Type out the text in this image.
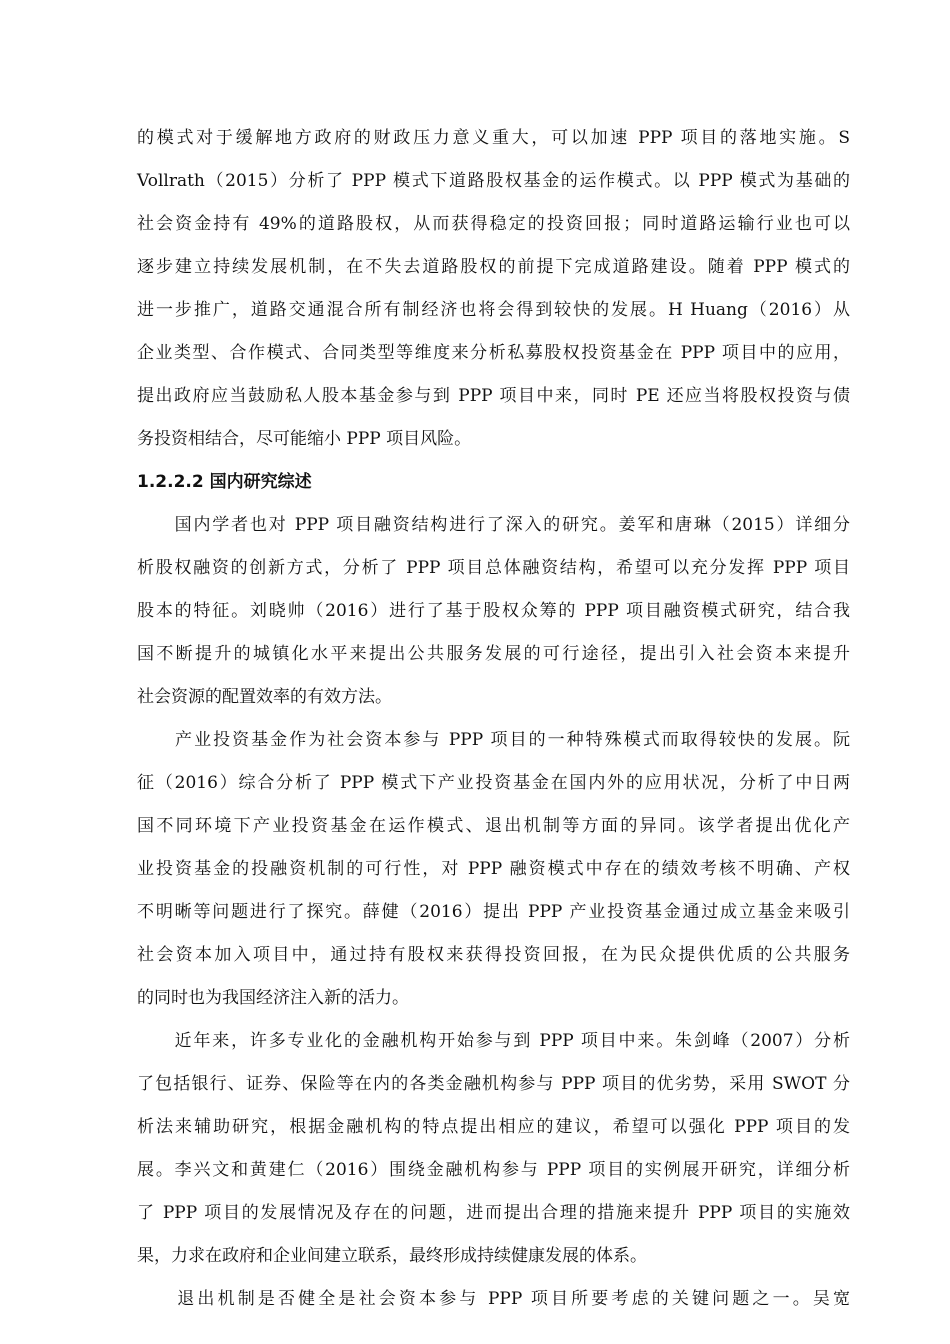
的模式对于缓解地方政府的财政压力意义重大，可以加速 PPP 项目的落地实施。S
Vollrath（2015）分析了 PPP 模式下道路股权基金的运作模式。以 PPP 模式为基础的
社会资金持有 49%的道路股权，从而获得稳定的投资回报；同时道路运输行业也可以
逐步建立持续发展机制，在不失去道路股权的前提下完成道路建设。随着 PPP 模式的
进一步推广，道路交通混合所有制经济也将会得到较快的发展。H Huang（2016）从
企业类型、合作模式、合同类型等维度来分析私募股权投资基金在 PPP 项目中的应用，
提出政府应当鼓励私人股本基金参与到 PPP 项目中来，同时 PE 还应当将股权投资与债
务投资相结合，尽可能缩小 PPP 项目风险。
1.2.2.2 国内研究综述
　　国内学者也对 PPP 项目融资结构进行了深入的研究。姜军和唐琳（2015）详细分
析股权融资的创新方式，分析了 PPP 项目总体融资结构，希望可以充分发挥 PPP 项目
股本的特征。刘晓帅（2016）进行了基于股权众筹的 PPP 项目融资模式研究，结合我
国不断提升的城镇化水平来提出公共服务发展的可行途径，提出引入社会资本来提升
社会资源的配置效率的有效方法。
　　产业投资基金作为社会资本参与 PPP 项目的一种特殊模式而取得较快的发展。阮
征（2016）综合分析了 PPP 模式下产业投资基金在国内外的应用状况，分析了中日两
国不同环境下产业投资基金在运作模式、退出机制等方面的异同。该学者提出优化产
业投资基金的投融资机制的可行性，对 PPP 融资模式中存在的绩效考核不明确、产权
不明晰等问题进行了探究。薛健（2016）提出 PPP 产业投资基金通过成立基金来吸引
社会资本加入项目中，通过持有股权来获得投资回报，在为民众提供优质的公共服务
的同时也为我国经济注入新的活力。
　　近年来，许多专业化的金融机构开始参与到 PPP 项目中来。朱剑峰（2007）分析
了包括银行、证券、保险等在内的各类金融机构参与 PPP 项目的优劣势，采用 SWOT 分
析法来辅助研究，根据金融机构的特点提出相应的建议，希望可以强化 PPP 项目的发
展。李兴文和黄建仁（2016）围绕金融机构参与 PPP 项目的实例展开研究，详细分析
了 PPP 项目的发展情况及存在的问题，进而提出合理的措施来提升 PPP 项目的实施效
果，力求在政府和企业间建立联系，最终形成持续健康发展的体系。
　　退出机制是否健全是社会资本参与 PPP 项目所要考虑的关键问题之一。吴宽
